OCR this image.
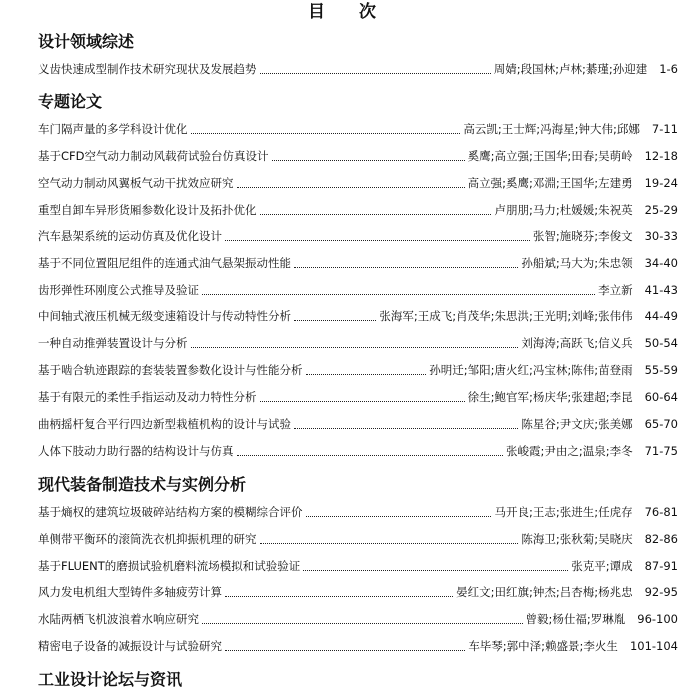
目 次
设计领域综述
义齿快速成型制作技术研究现状及发展趋势	周婧;段国林;卢林;綦瑾;孙迎建 1-6
专题论文
车门隔声量的多学科设计优化	高云凯;王士辉;冯海星;钟大伟;邱娜 7-11
基于CFD空气动力制动风载荷试验台仿真设计	奚鹰;高立强;王国华;田春;吴萌岭 12-18
空气动力制动风翼板气动干扰效应研究	高立强;奚鹰;邓淵;王国华;左建勇 19-24
重型自卸车异形货厢参数化设计及拓扑优化	卢朋朋;马力;杜媛媛;朱祝英 25-29
汽车悬架系统的运动仿真及优化设计	张智;施晓芬;李俊文 30-33
基于不同位置阻尼组件的连通式油气悬架振动性能	孙船斌;马大为;朱忠领 34-40
齿形弹性环刚度公式推导及验证	李立新 41-43
中间轴式液压机械无级变速箱设计与传动特性分析	张海军;王成飞;肖茂华;朱思洪;王光明;刘峰;张伟伟 44-49
一种自动推弹装置设计与分析	刘海涛;高跃飞;信义兵 50-54
基于啮合轨迹跟踪的套装装置参数化设计与性能分析	孙明迁;邹阳;唐火红;冯宝林;陈伟;苗登雨 55-59
基于有限元的柔性手指运动及动力特性分析	徐生;鲍官军;杨庆华;张建超;李昆 60-64
曲柄摇杆复合平行四边新型栽植机构的设计与试验	陈星谷;尹文庆;张美娜 65-70
人体下肢动力助行器的结构设计与仿真	张峻霞;尹由之;温泉;李冬 71-75
现代装备制造技术与实例分析
基于熵权的建筑垃圾破碎站结构方案的模糊综合评价	马开良;王志;张进生;任虎存 76-81
单侧带平衡环的滚筒洗衣机抑振机理的研究	陈海卫;张秋菊;吴晓庆 82-86
基于FLUENT的磨损试验机磨料流场模拟和试验验证	张克平;谭成 87-91
风力发电机组大型铸件多轴疲劳计算	晏红文;田红旗;钟杰;吕杏梅;杨兆忠 92-95
水陆两栖飞机波浪着水响应研究	曾毅;杨仕福;罗琳胤 96-100
精密电子设备的减振设计与试验研究	车毕琴;郭中泽;赖盛景;李火生 101-104
工业设计论坛与资讯
